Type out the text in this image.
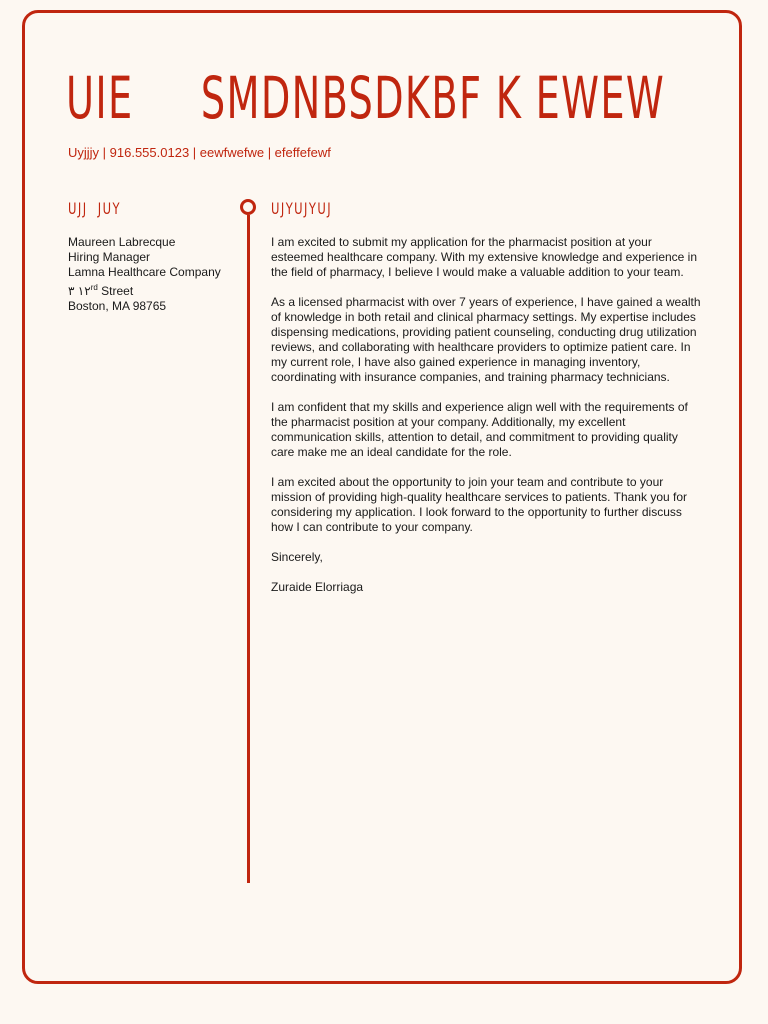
UIE     SMDNBSDKBF K EWEW
Uyjjjy | 916.555.0123 | eewfwefwe | efeffefewf
UJJ  JUY	UJYUJYUJ
Maureen Labrecque
Hiring Manager
Lamna Healthcare Company
١٢ ٣ $^{rd}$ Street
Boston, MA 98765

I am excited to submit my application for the pharmacist position at your esteemed healthcare company. With my extensive knowledge and experience in the field of pharmacy, I believe I would make a valuable addition to your team.

As a licensed pharmacist with over 7 years of experience, I have gained a wealth of knowledge in both retail and clinical pharmacy settings. My expertise includes dispensing medications, providing patient counseling, conducting drug utilization reviews, and collaborating with healthcare providers to optimize patient care. In my current role, I have also gained experience in managing inventory, coordinating with insurance companies, and training pharmacy technicians.

I am confident that my skills and experience align well with the requirements of the pharmacist position at your company. Additionally, my excellent communication skills, attention to detail, and commitment to providing quality care make me an ideal candidate for the role.

I am excited about the opportunity to join your team and contribute to your mission of providing high-quality healthcare services to patients. Thank you for considering my application. I look forward to the opportunity to further discuss how I can contribute to your company.

Sincerely,

Zuraide Elorriaga
